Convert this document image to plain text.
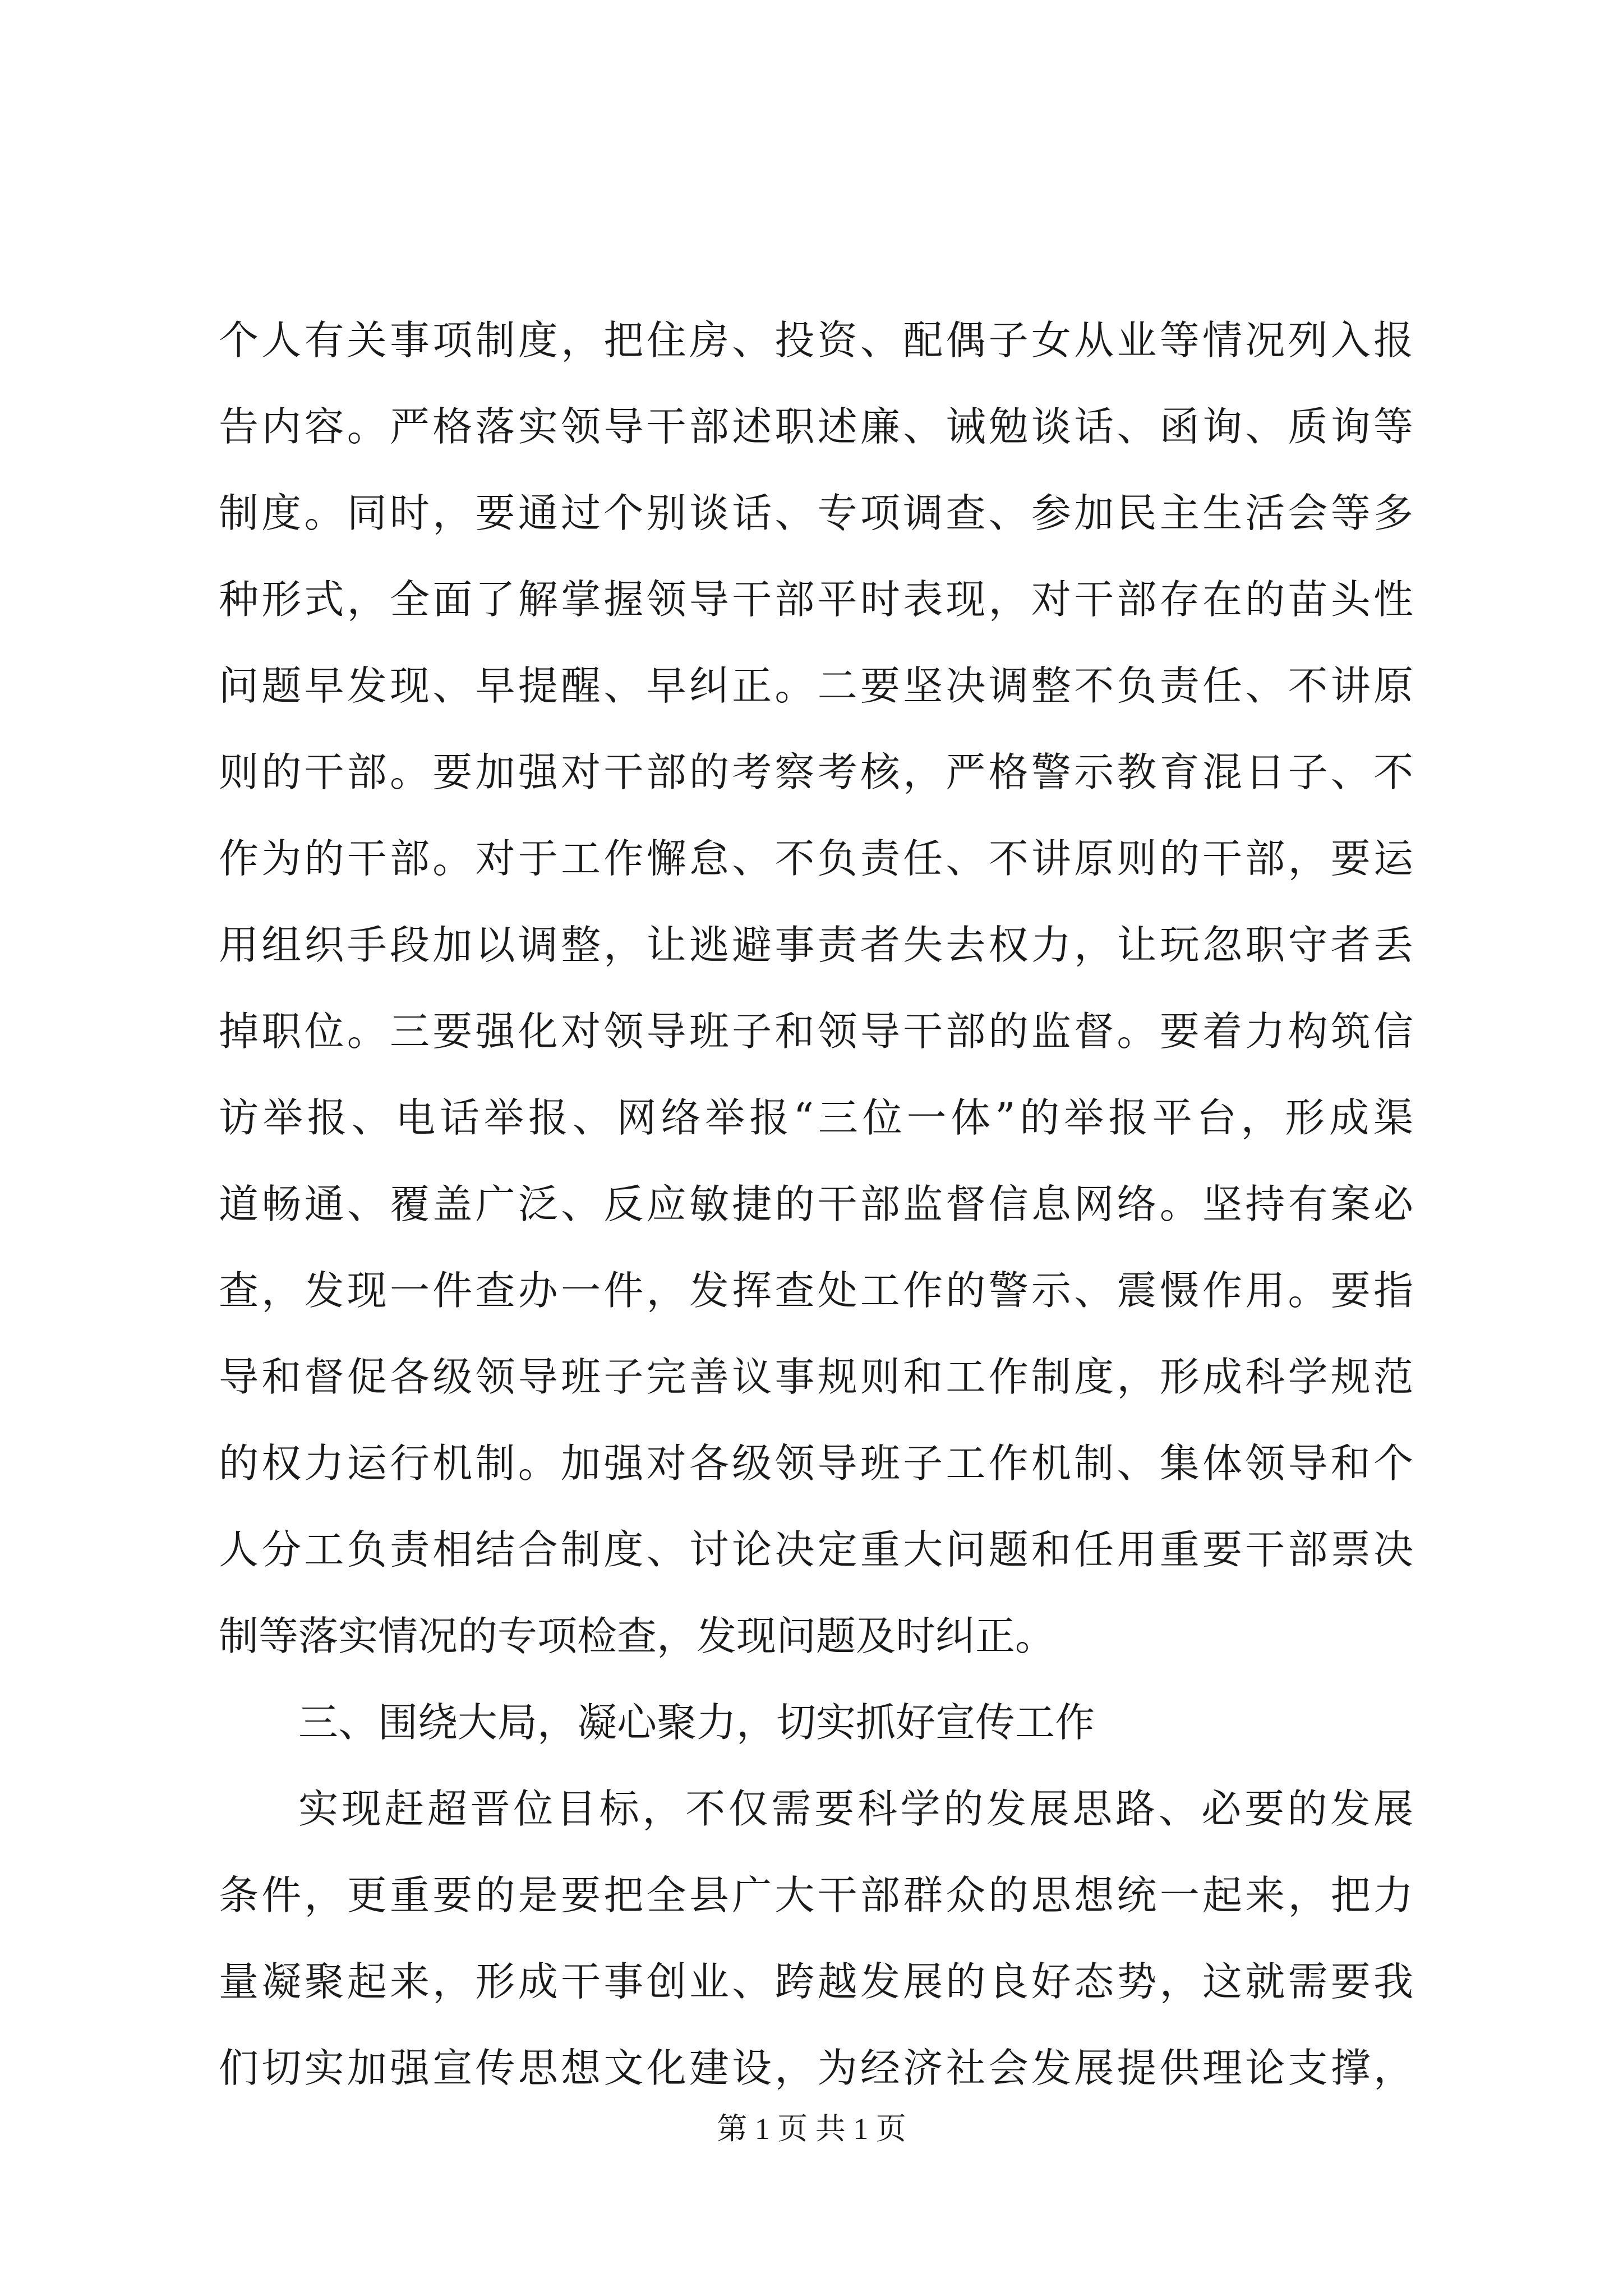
个人有关事项制度，把住房、投资、配偶子女从业等情况列入报
告内容。严格落实领导干部述职述廉、诫勉谈话、函询、质询等
制度。同时，要通过个别谈话、专项调查、参加民主生活会等多
种形式，全面了解掌握领导干部平时表现，对干部存在的苗头性
问题早发现、早提醒、早纠正。二要坚决调整不负责任、不讲原
则的干部。要加强对干部的考察考核，严格警示教育混日子、不
作为的干部。对于工作懈怠、不负责任、不讲原则的干部，要运
用组织手段加以调整，让逃避事责者失去权力，让玩忽职守者丢
掉职位。三要强化对领导班子和领导干部的监督。要着力构筑信
访举报、电话举报、网络举报“三位一体”的举报平台，形成渠
道畅通、覆盖广泛、反应敏捷的干部监督信息网络。坚持有案必
查，发现一件查办一件，发挥查处工作的警示、震慑作用。要指
导和督促各级领导班子完善议事规则和工作制度，形成科学规范
的权力运行机制。加强对各级领导班子工作机制、集体领导和个
人分工负责相结合制度、讨论决定重大问题和任用重要干部票决
制等落实情况的专项检查，发现问题及时纠正。
三、围绕大局，凝心聚力，切实抓好宣传工作
实现赶超晋位目标，不仅需要科学的发展思路、必要的发展
条件，更重要的是要把全县广大干部群众的思想统一起来，把力
量凝聚起来，形成干事创业、跨越发展的良好态势，这就需要我
们切实加强宣传思想文化建设，为经济社会发展提供理论支撑，
第 1 页 共 1 页
